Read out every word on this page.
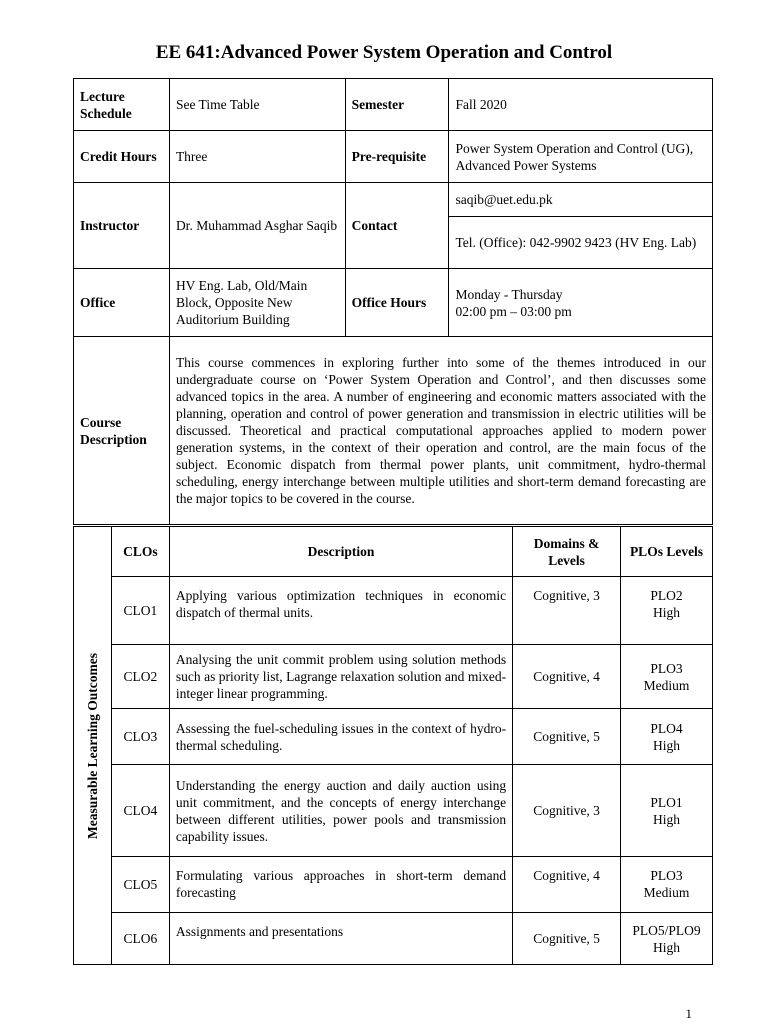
EE 641:Advanced Power System Operation and Control
Lecture Schedule	See Time Table	Semester	Fall 2020
Credit Hours	Three	Pre-requisite	Power System Operation and Control (UG), Advanced Power Systems
Instructor	Dr. Muhammad Asghar Saqib	Contact	saqib@uet.edu.pk
			Tel. (Office): 042-9902 9423 (HV Eng. Lab)
Office	HV Eng. Lab, Old/Main Block, Opposite New Auditorium Building	Office Hours	Monday - Thursday
02:00 pm – 03:00 pm

Course Description	This course commences in exploring further into some of the themes introduced in our undergraduate course on ‘Power System Operation and Control’, and then discusses some advanced topics in the area. A number of engineering and economic matters associated with the planning, operation and control of power generation and transmission in electric utilities will be discussed. Theoretical and practical computational approaches applied to modern power generation systems, in the context of their operation and control, are the main focus of the subject. Economic dispatch from thermal power plants, unit commitment, hydro-thermal scheduling, energy interchange between multiple utilities and short-term demand forecasting are the major topics to be covered in the course.		
Measurable Learning Outcomes	CLOs	Description	Domains & Levels	PLOs Levels
	CLO1	Applying various optimization techniques in economic dispatch of thermal units.	Cognitive, 3	PLO2
High

	CLO2	Analysing the unit commit problem using solution methods such as priority list, Lagrange relaxation solution and mixed-integer linear programming.	Cognitive, 4	PLO3
Medium

	CLO3	Assessing the fuel-scheduling issues in the context of hydro-thermal scheduling.	Cognitive, 5	PLO4
High

	CLO4	Understanding the energy auction and daily auction using unit commitment, and the concepts of energy interchange between different utilities, power pools and transmission capability issues.	Cognitive, 3	PLO1
High

	CLO5	Formulating various approaches in short-term demand forecasting	Cognitive, 4	PLO3
Medium

	CLO6	Assignments and presentations	Cognitive, 5	PLO5/PLO9
High
1
